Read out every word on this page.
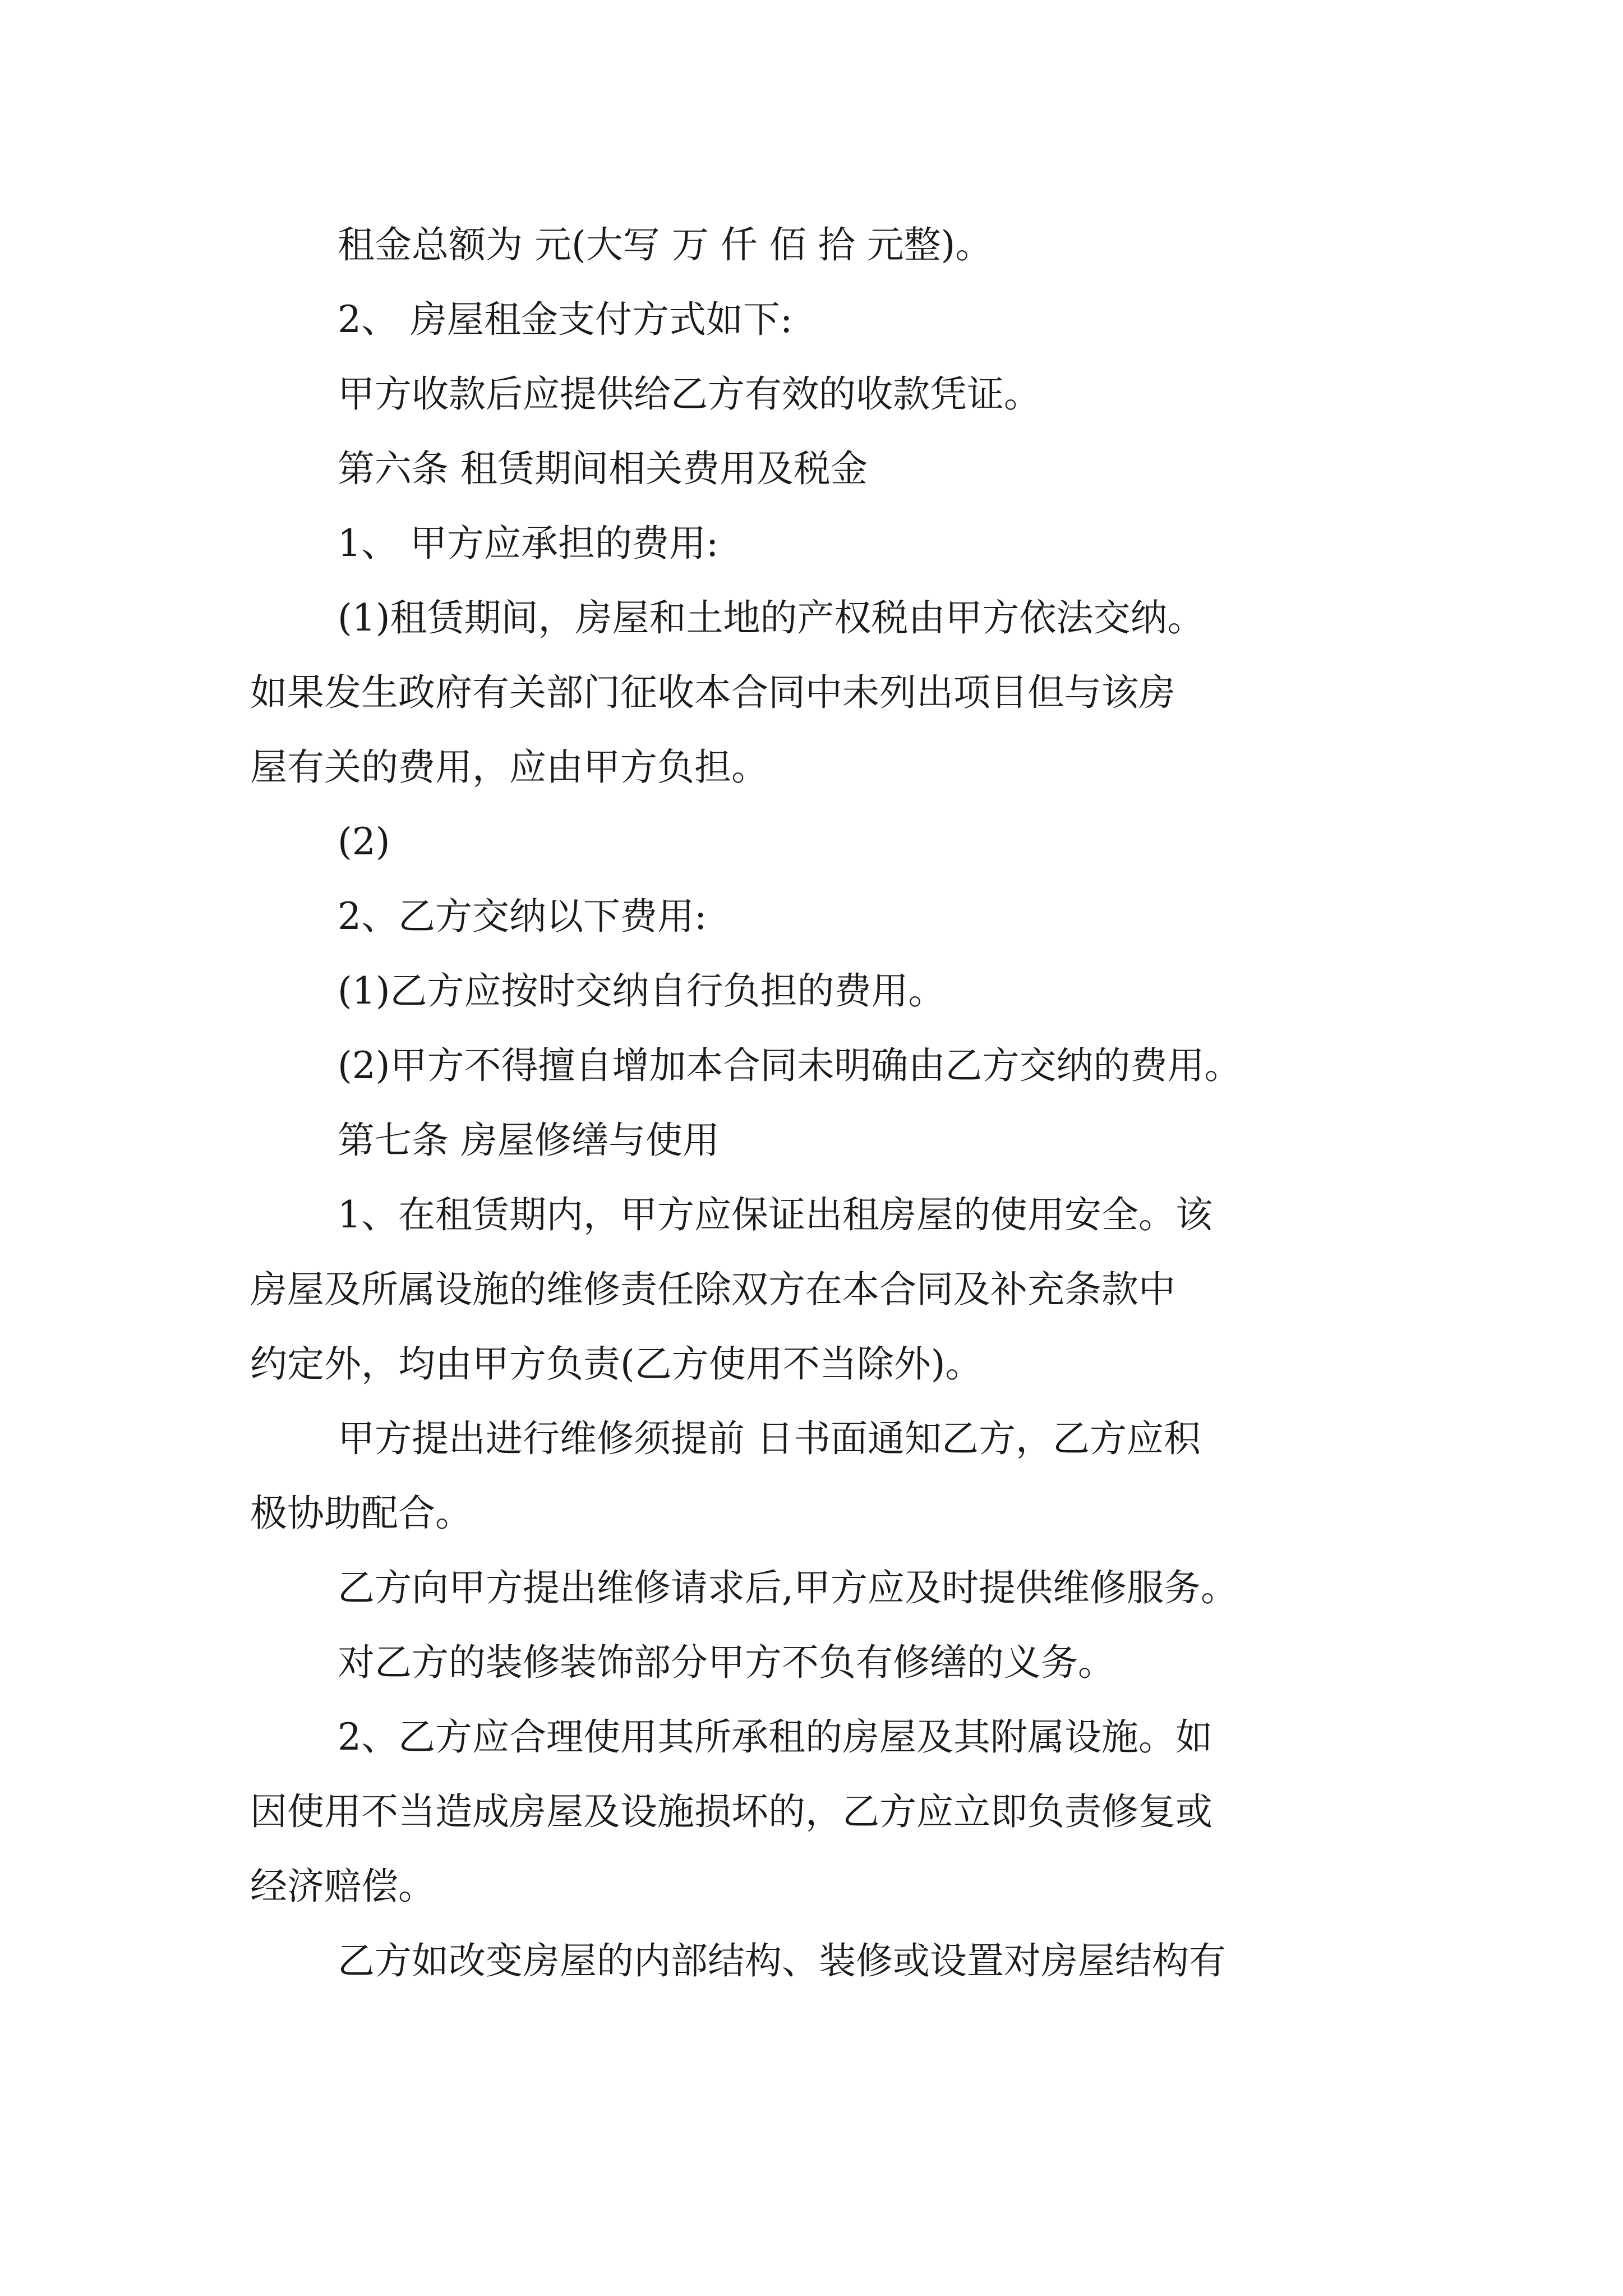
租金总额为 元(大写 万 仟 佰 拾 元整)。

2、 房屋租金支付方式如下:

甲方收款后应提供给乙方有效的收款凭证。

第六条 租赁期间相关费用及税金

1、 甲方应承担的费用:

(1)租赁期间，房屋和土地的产权税由甲方依法交纳。

如果发生政府有关部门征收本合同中未列出项目但与该房

屋有关的费用，应由甲方负担。

(2)

2、乙方交纳以下费用:

(1)乙方应按时交纳自行负担的费用。

(2)甲方不得擅自增加本合同未明确由乙方交纳的费用。

第七条 房屋修缮与使用

1、在租赁期内，甲方应保证出租房屋的使用安全。该

房屋及所属设施的维修责任除双方在本合同及补充条款中

约定外，均由甲方负责(乙方使用不当除外)。

甲方提出进行维修须提前 日书面通知乙方，乙方应积

极协助配合。

乙方向甲方提出维修请求后,甲方应及时提供维修服务。

对乙方的装修装饰部分甲方不负有修缮的义务。

2、乙方应合理使用其所承租的房屋及其附属设施。如

因使用不当造成房屋及设施损坏的，乙方应立即负责修复或

经济赔偿。

乙方如改变房屋的内部结构、装修或设置对房屋结构有
